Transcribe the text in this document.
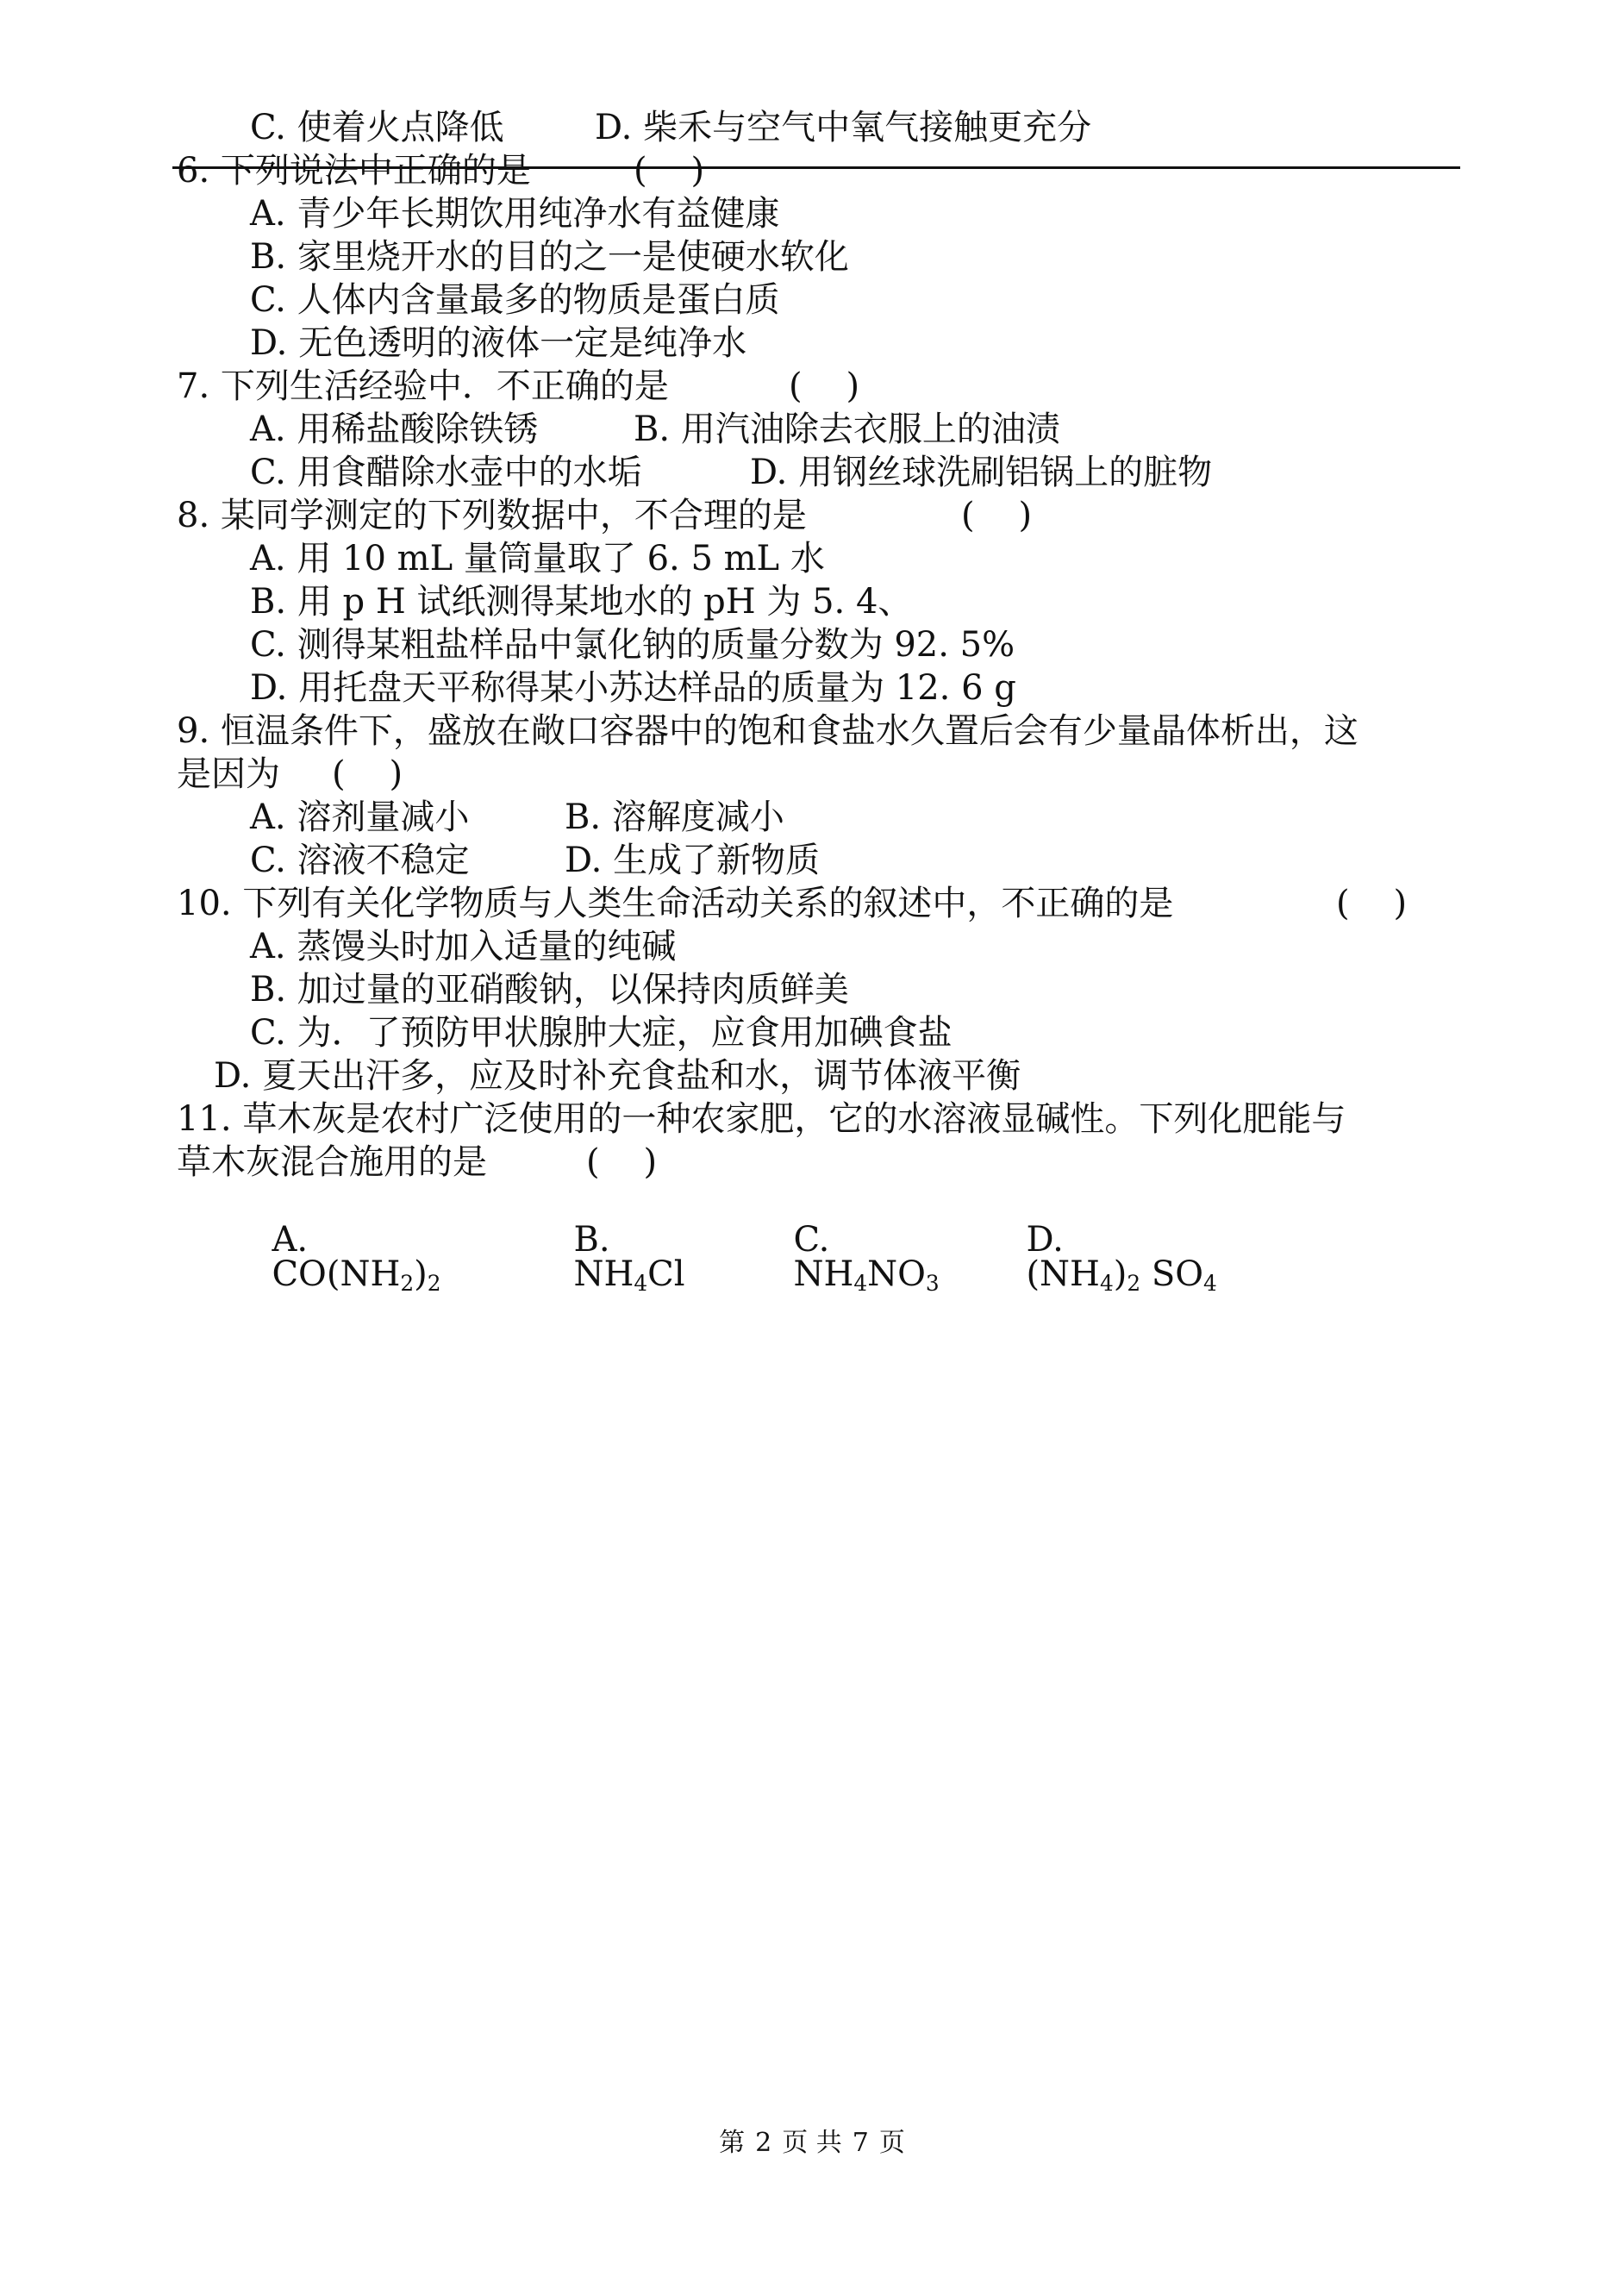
C. 使着火点降低	D. 柴禾与空气中氧气接触更充分
6. 下列说法中正确的是	(    )
A. 青少年长期饮用纯净水有益健康
B. 家里烧开水的目的之一是使硬水软化
C. 人体内含量最多的物质是蛋白质
D. 无色透明的液体一定是纯净水
7. 下列生活经验中．不正确的是	(    )
A. 用稀盐酸除铁锈	B. 用汽油除去衣服上的油渍
C. 用食醋除水壶中的水垢	D. 用钢丝球洗刷铝锅上的脏物
8. 某同学测定的下列数据中，不合理的是	(    )
A. 用 10 mL 量筒量取了 6. 5 mL 水
B. 用 p H 试纸测得某地水的 pH 为 5. 4、
C. 测得某粗盐样品中氯化钠的质量分数为 92. 5%
D. 用托盘天平称得某小苏达样品的质量为 12. 6 g
9. 恒温条件下，盛放在敞口容器中的饱和食盐水久置后会有少量晶体析出，这
是因为 (    )
A. 溶剂量减小	B. 溶解度减小
C. 溶液不稳定	D. 生成了新物质
10. 下列有关化学物质与人类生命活动关系的叙述中，不正确的是	(    )
A. 蒸馒头时加入适量的纯碱
B. 加过量的亚硝酸钠，以保持肉质鲜美
C. 为．了预防甲状腺肿大症，应食用加碘食盐
D. 夏天出汗多，应及时补充食盐和水，调节体液平衡
11. 草木灰是农村广泛使用的一种农家肥，它的水溶液显碱性。下列化肥能与
草木灰混合施用的是	(    )

A.
$CO(NH_2)_2$

B.
$NH_4Cl$

C.
$NH_4NO_3$

D.
$(NH_4)_2$ $SO_4$

第 2 页 共 7 页
